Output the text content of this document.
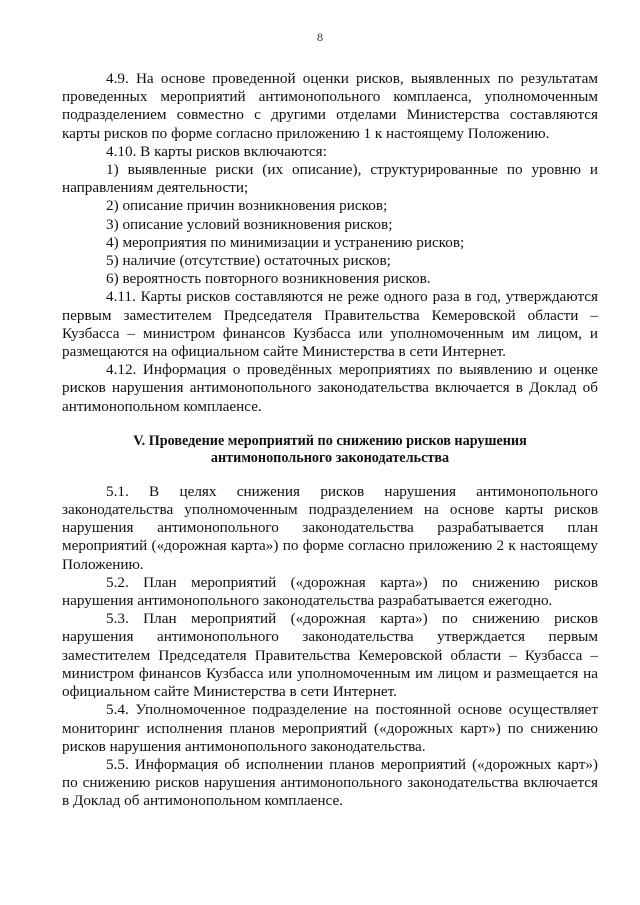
8

4.9. На основе проведенной оценки рисков, выявленных по результатам проведенных мероприятий антимонопольного комплаенса, уполномоченным подразделением совместно с другими отделами Министерства составляются карты рисков по форме согласно приложению 1 к настоящему Положению.

4.10. В карты рисков включаются:

1) выявленные риски (их описание), структурированные по уровню и направлениям деятельности;

2) описание причин возникновения рисков;

3) описание условий возникновения рисков;

4) мероприятия по минимизации и устранению рисков;

5) наличие (отсутствие) остаточных рисков;

6) вероятность повторного возникновения рисков.

4.11. Карты рисков составляются не реже одного раза в год, утверждаются первым заместителем Председателя Правительства Кемеровской области – Кузбасса – министром финансов Кузбасса или уполномоченным им лицом, и размещаются на официальном сайте Министерства в сети Интернет.

4.12. Информация о проведённых мероприятиях по выявлению и оценке рисков нарушения антимонопольного законодательства включается в Доклад об антимонопольном комплаенсе.

V. Проведение мероприятий по снижению рисков нарушения
антимонопольного законодательства

5.1. В целях снижения рисков нарушения антимонопольного законодательства уполномоченным подразделением на основе карты рисков нарушения антимонопольного законодательства разрабатывается план мероприятий («дорожная карта») по форме согласно приложению 2 к настоящему Положению.

5.2. План мероприятий («дорожная карта») по снижению рисков нарушения антимонопольного законодательства разрабатывается ежегодно.

5.3. План мероприятий («дорожная карта») по снижению рисков нарушения антимонопольного законодательства утверждается первым заместителем Председателя Правительства Кемеровской области – Кузбасса – министром финансов Кузбасса или уполномоченным им лицом и размещается на официальном сайте Министерства в сети Интернет.

5.4. Уполномоченное подразделение на постоянной основе осуществляет мониторинг исполнения планов мероприятий («дорожных карт») по снижению рисков нарушения антимонопольного законодательства.

5.5. Информация об исполнении планов мероприятий («дорожных карт») по снижению рисков нарушения антимонопольного законодательства включается в Доклад об антимонопольном комплаенсе.
